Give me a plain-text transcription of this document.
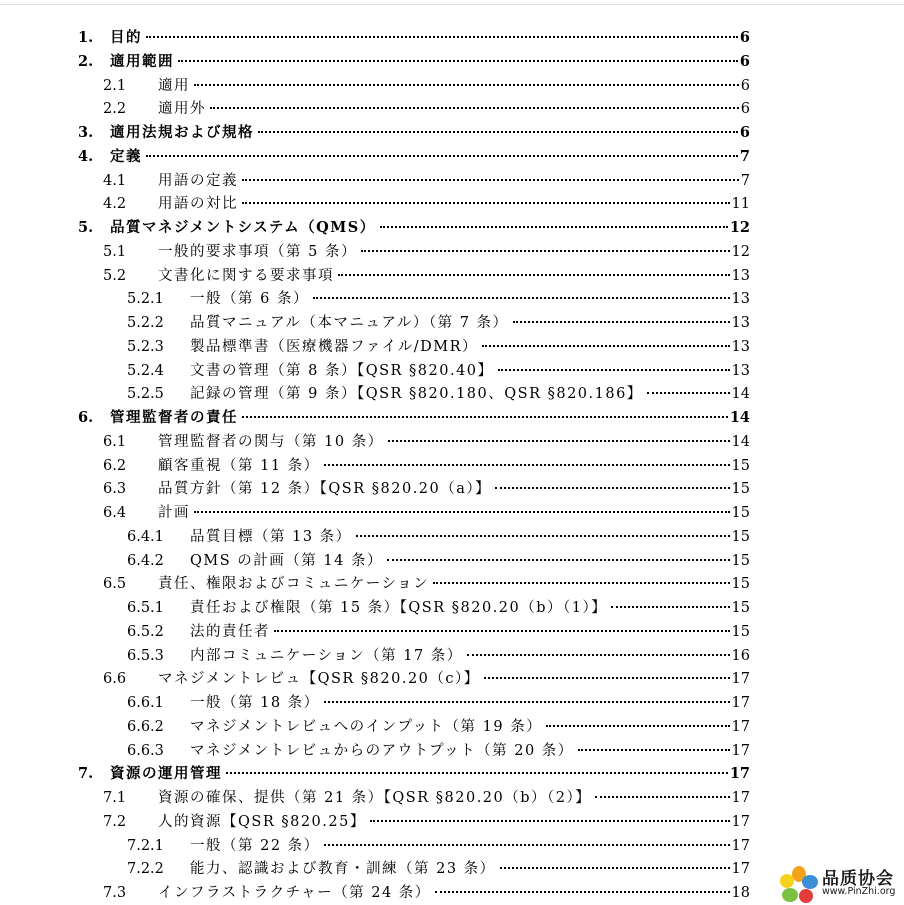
1. 目的	6
2. 適用範囲	6
2.1 適用	6
2.2 適用外	6
3. 適用法規および規格	6
4. 定義	7
4.1 用語の定義	7
4.2 用語の対比	11
5. 品質マネジメントシステム（QMS）	12
5.1 一般的要求事項（第 5 条）	12
5.2 文書化に関する要求事項	13
5.2.1 一般（第 6 条）	13
5.2.2 品質マニュアル（本マニュアル）（第 7 条）	13
5.2.3 製品標準書（医療機器ファイル/DMR）	13
5.2.4 文書の管理（第 8 条）【QSR §820.40】	13
5.2.5 記録の管理（第 9 条）【QSR §820.180、QSR §820.186】	14
6. 管理監督者の責任	14
6.1 管理監督者の関与（第 10 条）	14
6.2 顧客重視（第 11 条）	15
6.3 品質方針（第 12 条）【QSR §820.20（a）】	15
6.4 計画	15
6.4.1 品質目標（第 13 条）	15
6.4.2 QMS の計画（第 14 条）	15
6.5 責任、権限およびコミュニケーション	15
6.5.1 責任および権限（第 15 条）【QSR §820.20（b）（1）】	15
6.5.2 法的責任者	15
6.5.3 内部コミュニケーション（第 17 条）	16
6.6 マネジメントレビュ【QSR §820.20（c）】	17
6.6.1 一般（第 18 条）	17
6.6.2 マネジメントレビュへのインプット（第 19 条）	17
6.6.3 マネジメントレビュからのアウトプット（第 20 条）	17
7. 資源の運用管理	17
7.1 資源の確保、提供（第 21 条）【QSR §820.20（b）（2）】	17
7.2 人的資源【QSR §820.25】	17
7.2.1 一般（第 22 条）	17
7.2.2 能力、認識および教育・訓練（第 23 条）	17
7.3 インフラストラクチャー（第 24 条）	18
品质协会
www.PinZhi.org
